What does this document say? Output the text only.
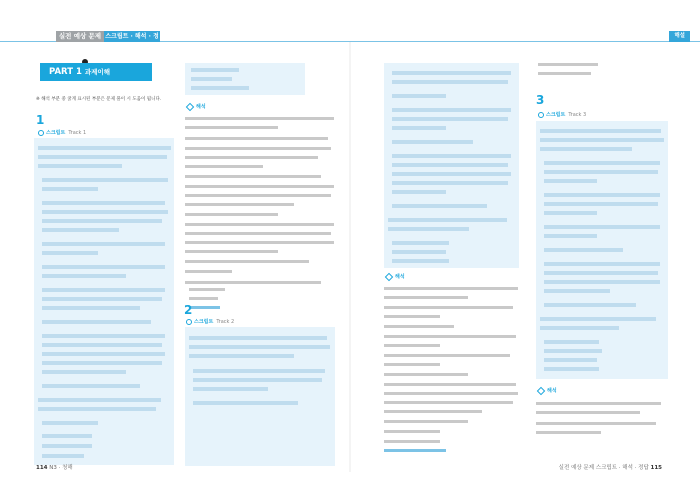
실전 예상 문제 스크립트 · 해석 · 정답
해설
PART 1 과제이해
※ 해석 부분 중 굵게 표시된 부분은 문제 풀이 시 도움이 됩니다.
1
스크립트 Track 1
해석
2
스크립트 Track 2
해석
3
스크립트 Track 3
해석
114 N3 · 청해	실전 예상 문제 스크립트 · 해석 · 정답 115
